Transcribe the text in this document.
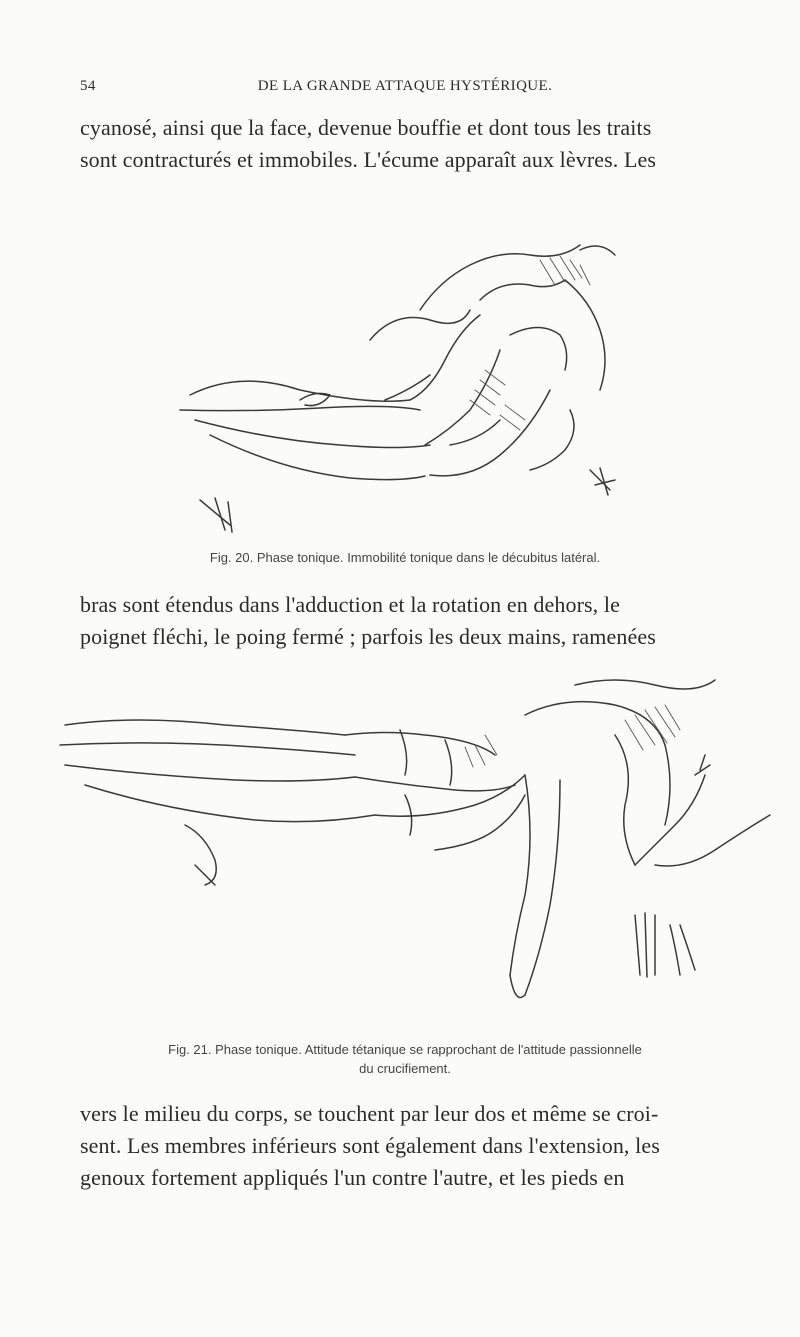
54	DE LA GRANDE ATTAQUE HYSTÉRIQUE.
cyanosé, ainsi que la face, devenue bouffie et dont tous les traits
sont contracturés et immobiles. L'écume apparaît aux lèvres. Les
Fig. 20. Phase tonique. Immobilité tonique dans le décubitus latéral.
bras sont étendus dans l'adduction et la rotation en dehors, le
poignet fléchi, le poing fermé ; parfois les deux mains, ramenées
Fig. 21. Phase tonique. Attitude tétanique se rapprochant de l'attitude passionnelle
du crucifiement.
vers le milieu du corps, se touchent par leur dos et même se croi-
sent. Les membres inférieurs sont également dans l'extension, les
genoux fortement appliqués l'un contre l'autre, et les pieds en
